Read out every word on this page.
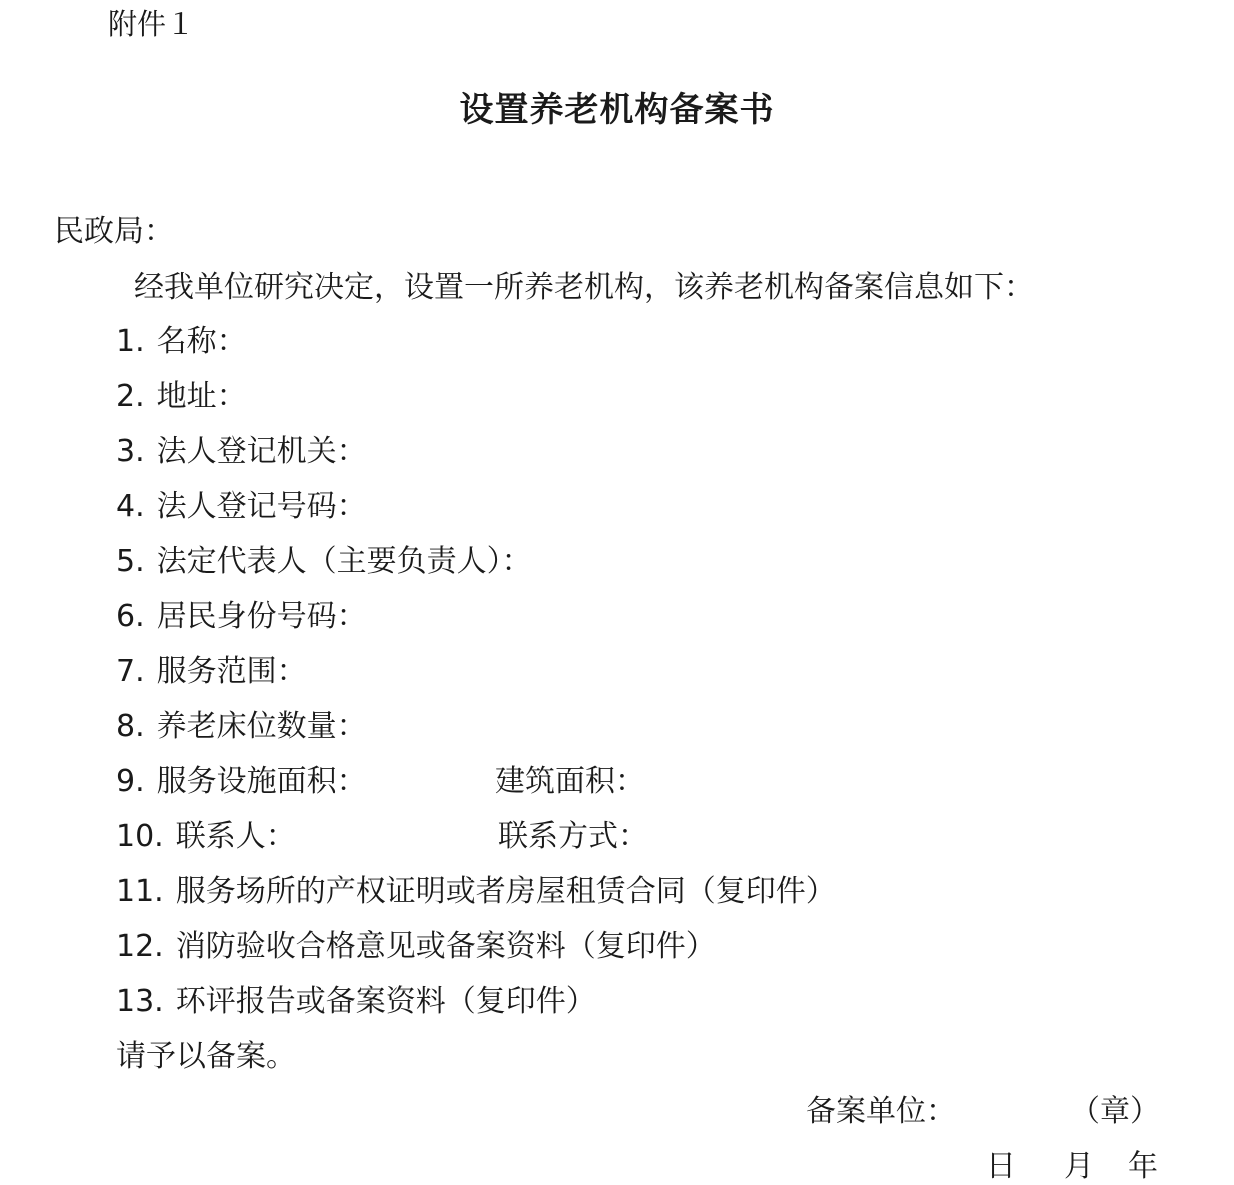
附件１
设置养老机构备案书
民政局：
经我单位研究决定，设置一所养老机构，该养老机构备案信息如下：
1. 名称：
2. 地址：
3. 法人登记机关：
4. 法人登记号码：
5. 法定代表人（主要负责人）：
6. 居民身份号码：
7. 服务范围：
8. 养老床位数量：
9. 服务设施面积：	建筑面积：
10. 联系人：	联系方式：
11. 服务场所的产权证明或者房屋租赁合同（复印件）
12. 消防验收合格意见或备案资料（复印件）
13. 环评报告或备案资料（复印件）
请予以备案。
备案单位：	（章）
日 月 年
